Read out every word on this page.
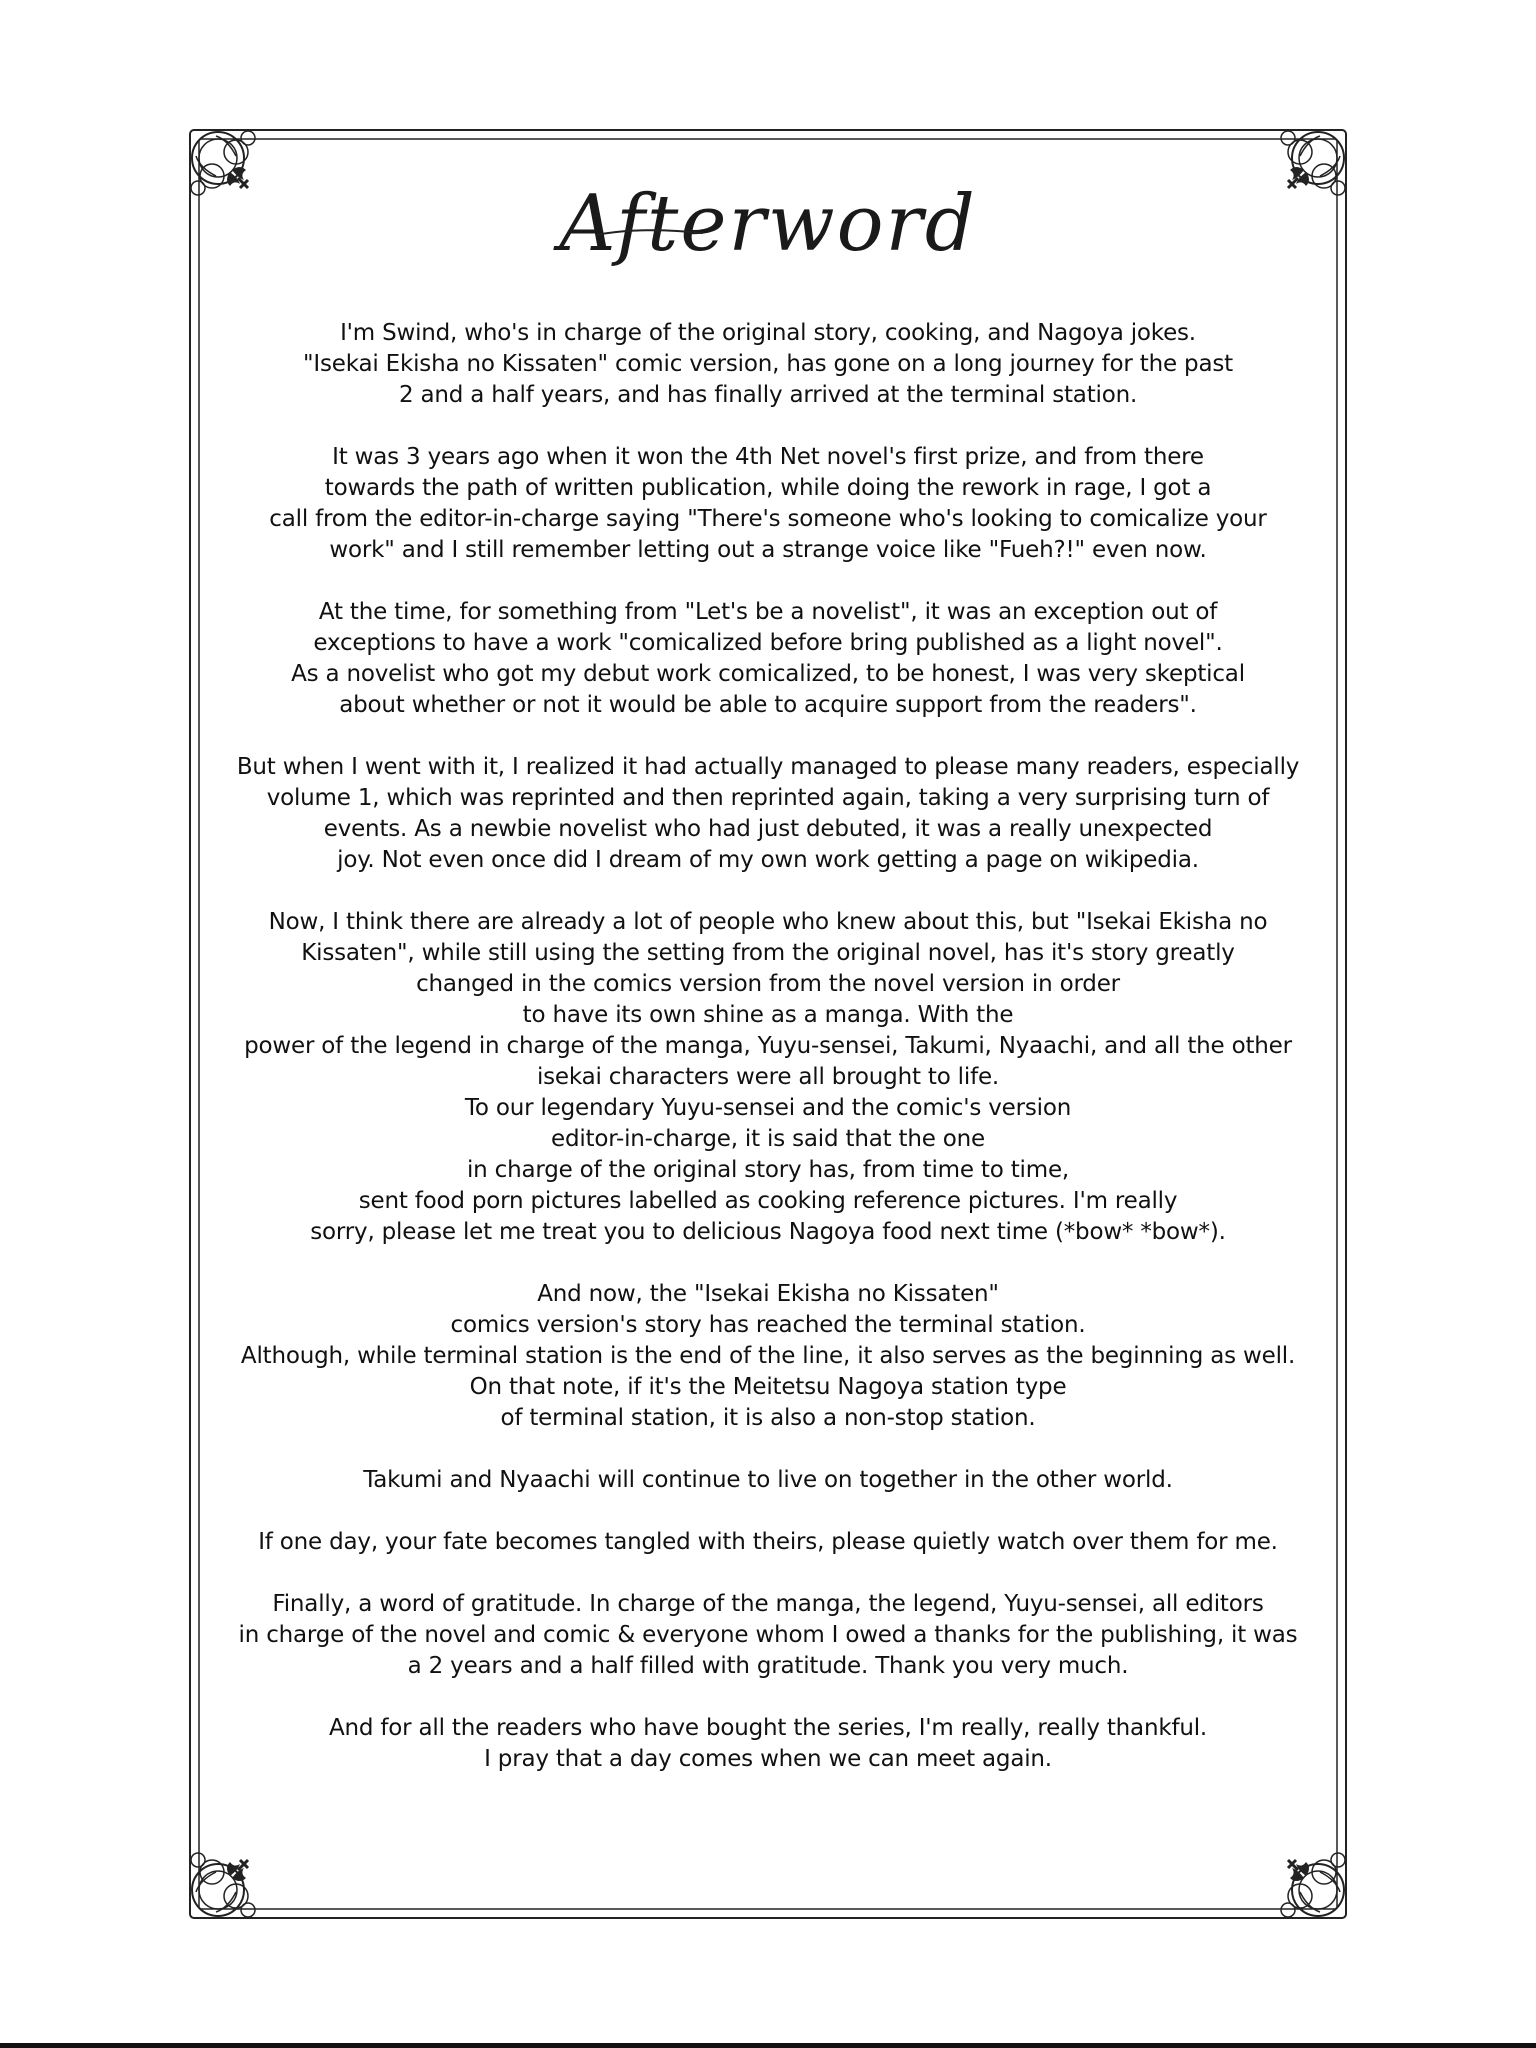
Afterword
I'm Swind, who's in charge of the original story, cooking, and Nagoya jokes.
"Isekai Ekisha no Kissaten" comic version, has gone on a long journey for the past
2 and a half years, and has finally arrived at the terminal station.
It was 3 years ago when it won the 4th Net novel's first prize, and from there
towards the path of written publication, while doing the rework in rage, I got a
call from the editor-in-charge saying "There's someone who's looking to comicalize your
work" and I still remember letting out a strange voice like "Fueh?!" even now.
At the time, for something from "Let's be a novelist", it was an exception out of
exceptions to have a work "comicalized before bring published as a light novel".
As a novelist who got my debut work comicalized, to be honest, I was very skeptical
about whether or not it would be able to acquire support from the readers".
But when I went with it, I realized it had actually managed to please many readers, especially
volume 1, which was reprinted and then reprinted again, taking a very surprising turn of
events. As a newbie novelist who had just debuted, it was a really unexpected
joy. Not even once did I dream of my own work getting a page on wikipedia.
Now, I think there are already a lot of people who knew about this, but "Isekai Ekisha no
Kissaten", while still using the setting from the original novel, has it's story greatly
changed in the comics version from the novel version in order
to have its own shine as a manga. With the
power of the legend in charge of the manga, Yuyu-sensei, Takumi, Nyaachi, and all the other
isekai characters were all brought to life.
To our legendary Yuyu-sensei and the comic's version
editor-in-charge, it is said that the one
in charge of the original story has, from time to time,
sent food porn pictures labelled as cooking reference pictures. I'm really
sorry, please let me treat you to delicious Nagoya food next time (*bow* *bow*).
And now, the "Isekai Ekisha no Kissaten"
comics version's story has reached the terminal station.
Although, while terminal station is the end of the line, it also serves as the beginning as well.
On that note, if it's the Meitetsu Nagoya station type
of terminal station, it is also a non-stop station.
Takumi and Nyaachi will continue to live on together in the other world.
If one day, your fate becomes tangled with theirs, please quietly watch over them for me.
Finally, a word of gratitude. In charge of the manga, the legend, Yuyu-sensei, all editors
in charge of the novel and comic & everyone whom I owed a thanks for the publishing, it was
a 2 years and a half filled with gratitude. Thank you very much.
And for all the readers who have bought the series, I'm really, really thankful.
I pray that a day comes when we can meet again.
